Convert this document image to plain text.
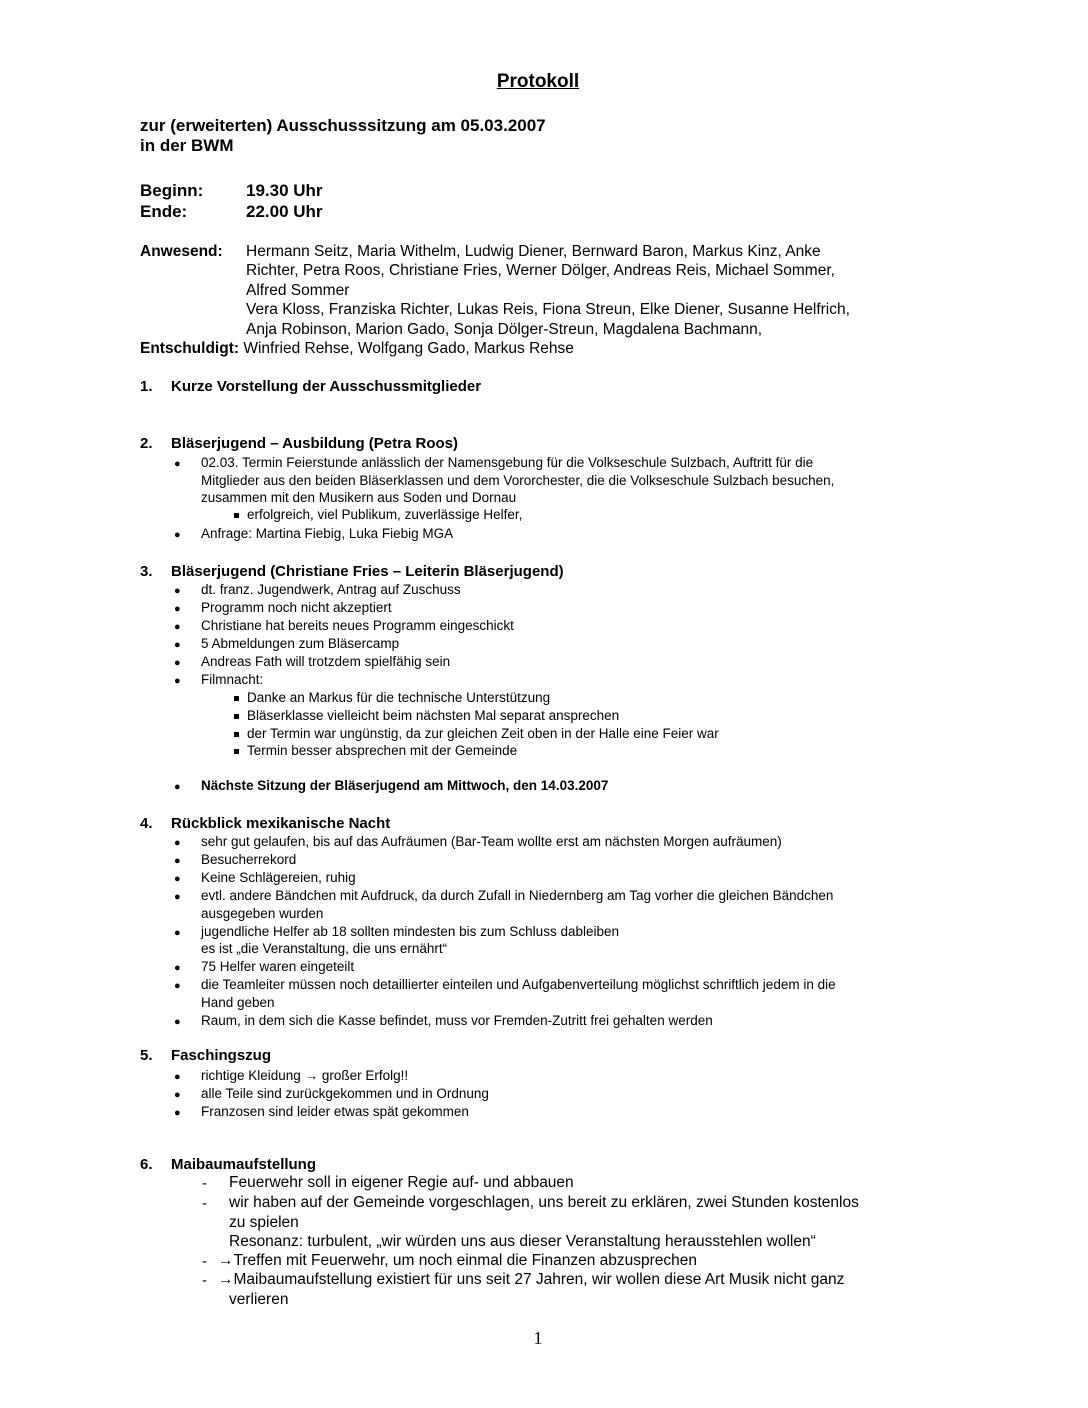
Protokoll
zur (erweiterten) Ausschusssitzung am 05.03.2007
in der BWM
Beginn:	19.30 Uhr
Ende:	22.00 Uhr
Anwesend: Hermann Seitz, Maria Withelm, Ludwig Diener, Bernward Baron, Markus Kinz, Anke
Richter, Petra Roos, Christiane Fries, Werner Dölger, Andreas Reis, Michael Sommer,
Alfred Sommer
Vera Kloss, Franziska Richter, Lukas Reis, Fiona Streun, Elke Diener, Susanne Helfrich,
Anja Robinson, Marion Gado, Sonja Dölger-Streun, Magdalena Bachmann,
Entschuldigt: Winfried Rehse, Wolfgang Gado, Markus Rehse
1. Kurze Vorstellung der Ausschussmitglieder
2. Bläserjugend – Ausbildung (Petra Roos)
● 02.03. Termin Feierstunde anlässlich der Namensgebung für die Volkseschule Sulzbach, Auftritt für die
Mitglieder aus den beiden Bläserklassen und dem Vororchester, die die Volkseschule Sulzbach besuchen,
zusammen mit den Musikern aus Soden und Dornau
erfolgreich, viel Publikum, zuverlässige Helfer,
● Anfrage: Martina Fiebig, Luka Fiebig MGA
3. Bläserjugend (Christiane Fries – Leiterin Bläserjugend)
● dt. franz. Jugendwerk, Antrag auf Zuschuss
● Programm noch nicht akzeptiert
● Christiane hat bereits neues Programm eingeschickt
● 5 Abmeldungen zum Bläsercamp
● Andreas Fath will trotzdem spielfähig sein
● Filmnacht:
Danke an Markus für die technische Unterstützung
Bläserklasse vielleicht beim nächsten Mal separat ansprechen
der Termin war ungünstig, da zur gleichen Zeit oben in der Halle eine Feier war
Termin besser absprechen mit der Gemeinde
● Nächste Sitzung der Bläserjugend am Mittwoch, den 14.03.2007
4. Rückblick mexikanische Nacht
● sehr gut gelaufen, bis auf das Aufräumen (Bar-Team wollte erst am nächsten Morgen aufräumen)
● Besucherrekord
● Keine Schlägereien, ruhig
● evtl. andere Bändchen mit Aufdruck, da durch Zufall in Niedernberg am Tag vorher die gleichen Bändchen
ausgegeben wurden
● jugendliche Helfer ab 18 sollten mindesten bis zum Schluss dableiben
es ist „die Veranstaltung, die uns ernährt“
● 75 Helfer waren eingeteilt
● die Teamleiter müssen noch detaillierter einteilen und Aufgabenverteilung möglichst schriftlich jedem in die
Hand geben
● Raum, in dem sich die Kasse befindet, muss vor Fremden-Zutritt frei gehalten werden
5. Faschingszug
● richtige Kleidung → großer Erfolg!!
● alle Teile sind zurückgekommen und in Ordnung
● Franzosen sind leider etwas spät gekommen
6. Maibaumaufstellung
- Feuerwehr soll in eigener Regie auf- und abbauen
- wir haben auf der Gemeinde vorgeschlagen, uns bereit zu erklären, zwei Stunden kostenlos
zu spielen
Resonanz: turbulent, „wir würden uns aus dieser Veranstaltung herausstehlen wollen“
- →Treffen mit Feuerwehr, um noch einmal die Finanzen abzusprechen
- →Maibaumaufstellung existiert für uns seit 27 Jahren, wir wollen diese Art Musik nicht ganz
verlieren
1
